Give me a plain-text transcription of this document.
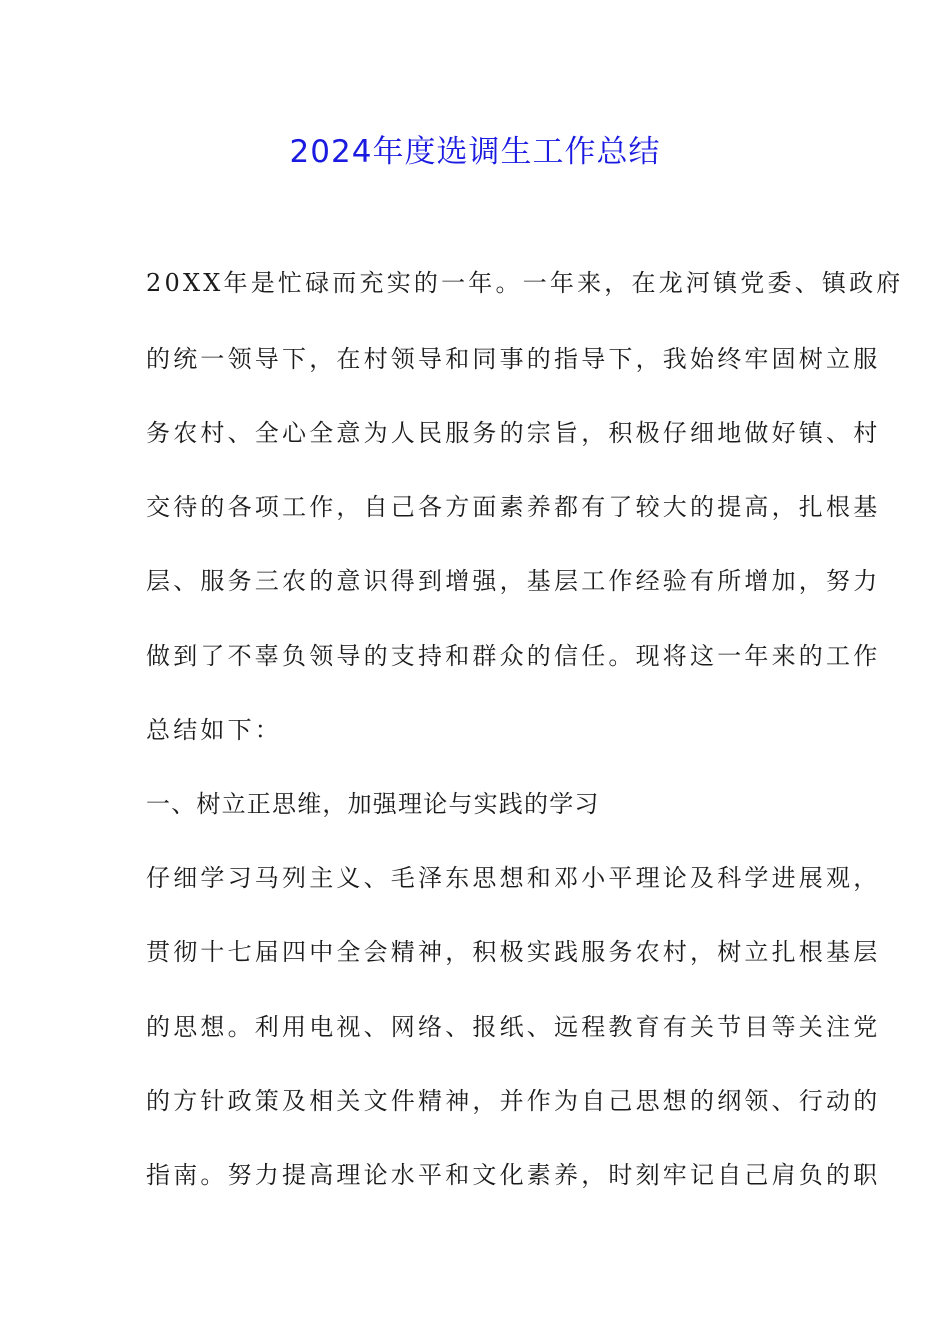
2024年度选调生工作总结

20XX年是忙碌而充实的一年。一年来，在龙河镇党委、镇政府

的统一领导下，在村领导和同事的指导下，我始终牢固树立服

务农村、全心全意为人民服务的宗旨，积极仔细地做好镇、村

交待的各项工作，自己各方面素养都有了较大的提高，扎根基

层、服务三农的意识得到增强，基层工作经验有所增加，努力

做到了不辜负领导的支持和群众的信任。现将这一年来的工作

总结如下：

一、树立正思维，加强理论与实践的学习

仔细学习马列主义、毛泽东思想和邓小平理论及科学进展观，

贯彻十七届四中全会精神，积极实践服务农村，树立扎根基层

的思想。利用电视、网络、报纸、远程教育有关节目等关注党

的方针政策及相关文件精神，并作为自己思想的纲领、行动的

指南。努力提高理论水平和文化素养，时刻牢记自己肩负的职
